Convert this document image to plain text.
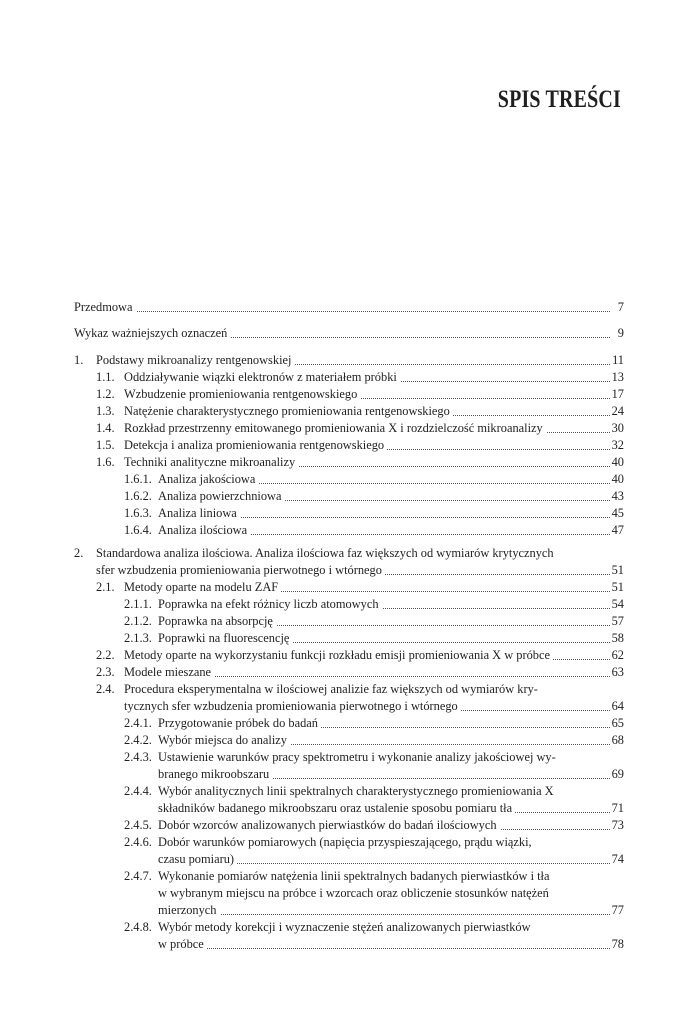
SPIS TREŚCI
Przedmowa	7
Wykaz ważniejszych oznaczeń	9
1. Podstawy mikroanalizy rentgenowskiej	11
1.1. Oddziaływanie wiązki elektronów z materiałem próbki	13
1.2. Wzbudzenie promieniowania rentgenowskiego	17
1.3. Natężenie charakterystycznego promieniowania rentgenowskiego	24
1.4. Rozkład przestrzenny emitowanego promieniowania X i rozdzielczość mikroanalizy	30
1.5. Detekcja i analiza promieniowania rentgenowskiego	32
1.6. Techniki analityczne mikroanalizy	40
1.6.1. Analiza jakościowa	40
1.6.2. Analiza powierzchniowa	43
1.6.3. Analiza liniowa	45
1.6.4. Analiza ilościowa	47
2. Standardowa analiza ilościowa. Analiza ilościowa faz większych od wymiarów krytycznych
sfer wzbudzenia promieniowania pierwotnego i wtórnego	51
2.1. Metody oparte na modelu ZAF	51
2.1.1. Poprawka na efekt różnicy liczb atomowych	54
2.1.2. Poprawka na absorpcję	57
2.1.3. Poprawki na fluorescencję	58
2.2. Metody oparte na wykorzystaniu funkcji rozkładu emisji promieniowania X w próbce	62
2.3. Modele mieszane	63
2.4. Procedura eksperymentalna w ilościowej analizie faz większych od wymiarów kry-
tycznych sfer wzbudzenia promieniowania pierwotnego i wtórnego	64
2.4.1. Przygotowanie próbek do badań	65
2.4.2. Wybór miejsca do analizy	68
2.4.3. Ustawienie warunków pracy spektrometru i wykonanie analizy jakościowej wy-
branego mikroobszaru	69
2.4.4. Wybór analitycznych linii spektralnych charakterystycznego promieniowania X
składników badanego mikroobszaru oraz ustalenie sposobu pomiaru tła	71
2.4.5. Dobór wzorców analizowanych pierwiastków do badań ilościowych	73
2.4.6. Dobór warunków pomiarowych (napięcia przyspieszającego, prądu wiązki,
czasu pomiaru)	74
2.4.7. Wykonanie pomiarów natężenia linii spektralnych badanych pierwiastków i tła
w wybranym miejscu na próbce i wzorcach oraz obliczenie stosunków natężeń
mierzonych	77
2.4.8. Wybór metody korekcji i wyznaczenie stężeń analizowanych pierwiastków
w próbce	78
